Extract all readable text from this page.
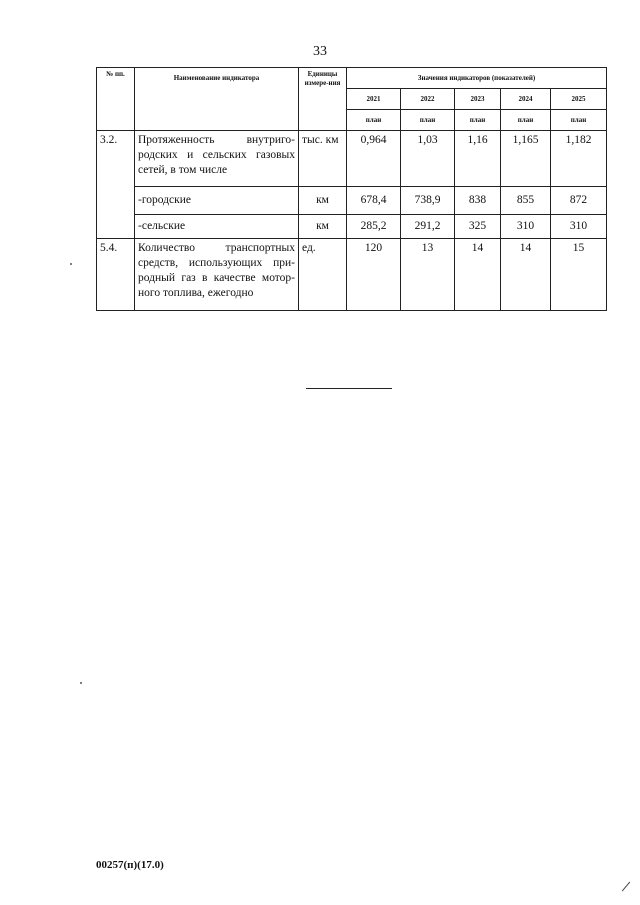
33
№ пп.	Наименование индикатора	Единицы измере-ния	Значения индикаторов (показателей)				
			2021	2022	2023	2024	2025
			план	план	план	план	план
3.2.	Протяженность внутриго-родских и сельских газовых сетей, в том числе	тыс. км	0,964	1,03	1,16	1,165	1,182
	-городские	км	678,4	738,9	838	855	872
	-сельские	км	285,2	291,2	325	310	310
5.4.	Количество транспортных средств, использующих при-родный газ в качестве мотор-ного топлива, ежегодно	ед.	120	13	14	14	15
00257(п)(17.0)
